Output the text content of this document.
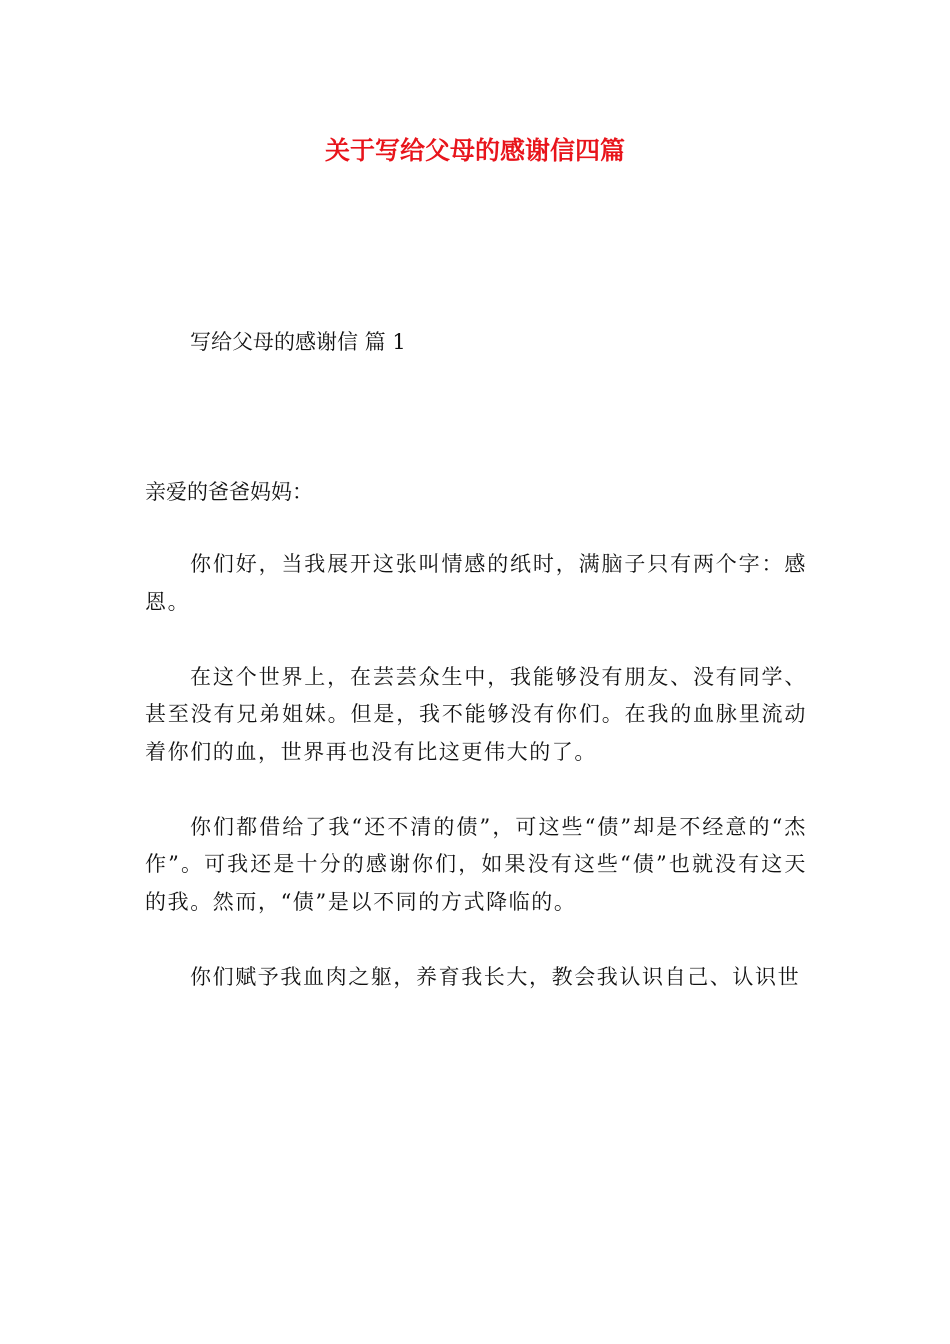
关于写给父母的感谢信四篇
写给父母的感谢信 篇 1
亲爱的爸爸妈妈：

你们好，当我展开这张叫情感的纸时，满脑子只有两个字：感恩。

在这个世界上，在芸芸众生中，我能够没有朋友、没有同学、甚至没有兄弟姐妹。但是，我不能够没有你们。在我的血脉里流动着你们的血，世界再也没有比这更伟大的了。

你们都借给了我“还不清的债”，可这些“债”却是不经意的“杰作”。可我还是十分的感谢你们，如果没有这些“债”也就没有这天的我。然而，“债”是以不同的方式降临的。

你们赋予我血肉之躯，养育我长大，教会我认识自己、认识世
